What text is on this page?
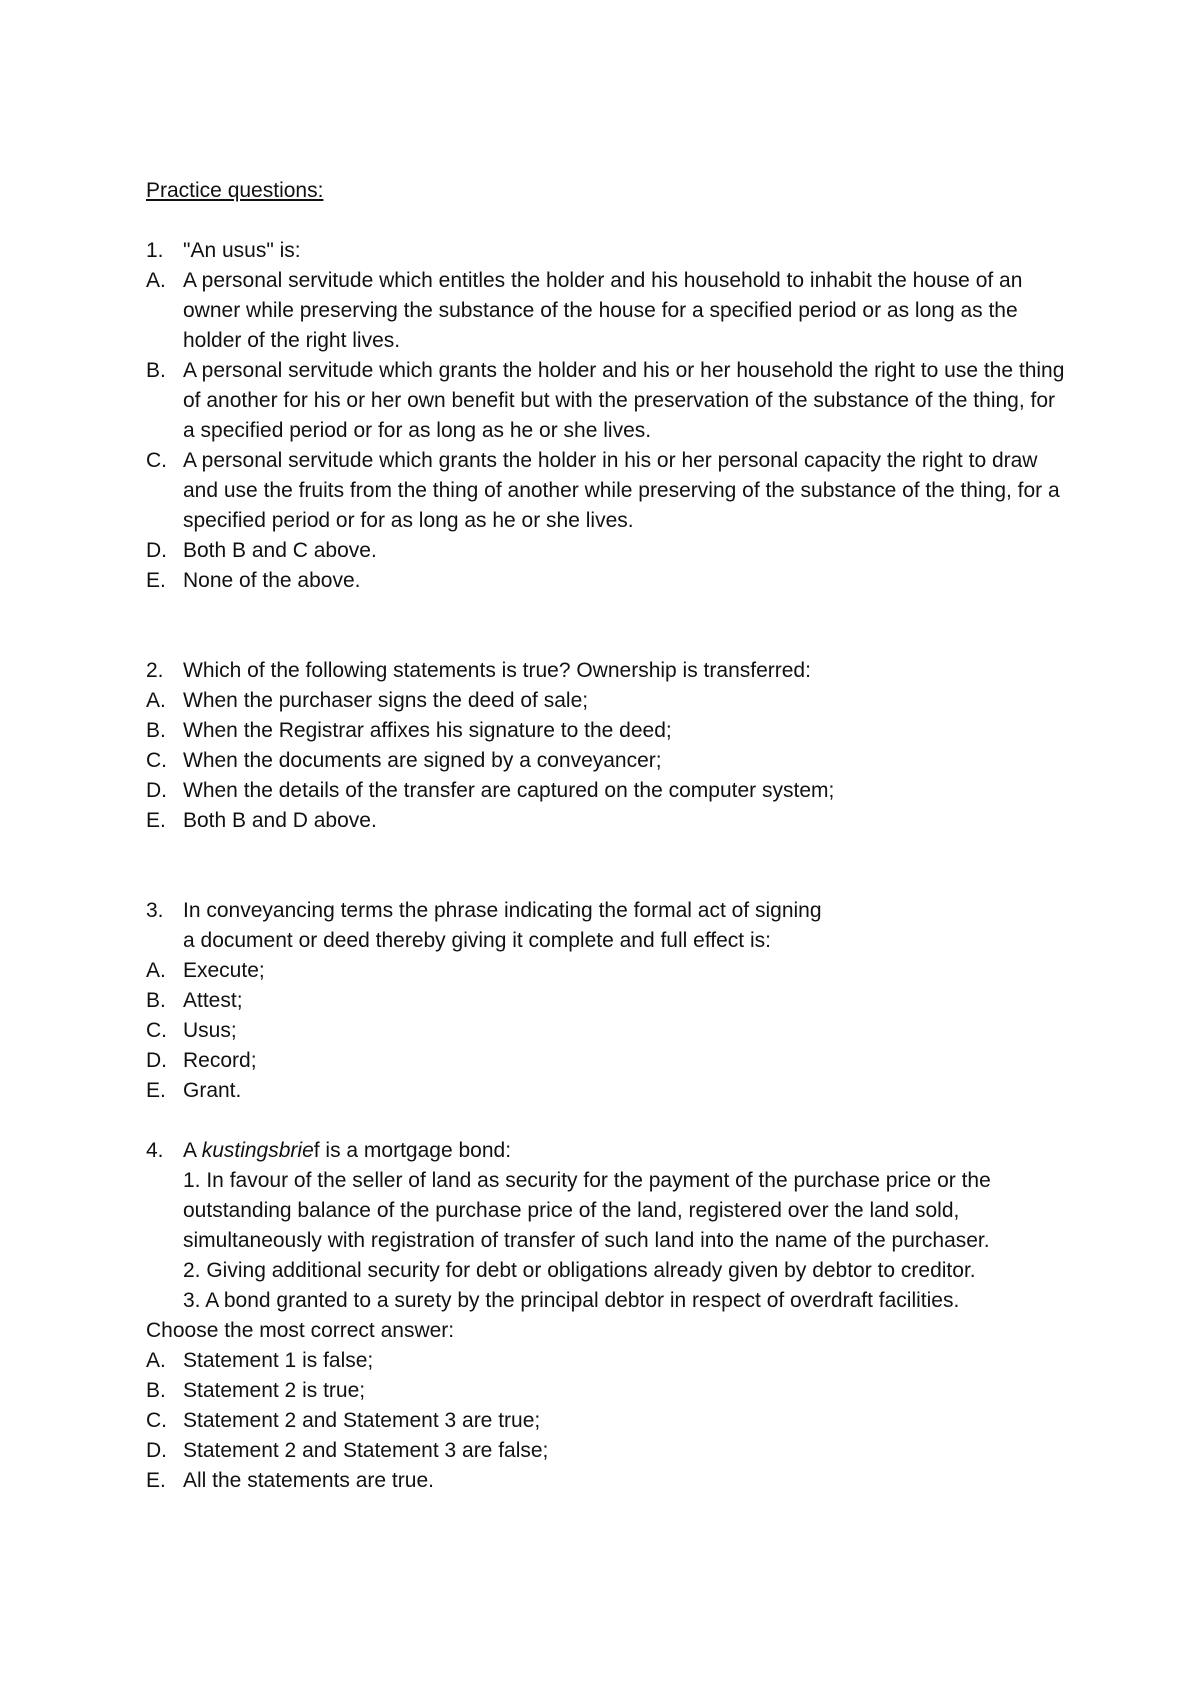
Practice questions:
1. "An usus" is:
A. A personal servitude which entitles the holder and his household to inhabit the house of an owner while preserving the substance of the house for a specified period or as long as the holder of the right lives.
B. A personal servitude which grants the holder and his or her household the right to use the thing of another for his or her own benefit but with the preservation of the substance of the thing, for a specified period or for as long as he or she lives.
C. A personal servitude which grants the holder in his or her personal capacity the right to draw and use the fruits from the thing of another while preserving of the substance of the thing, for a specified period or for as long as he or she lives.
D. Both B and C above.
E. None of the above.
2. Which of the following statements is true? Ownership is transferred:
A. When the purchaser signs the deed of sale;
B. When the Registrar affixes his signature to the deed;
C. When the documents are signed by a conveyancer;
D. When the details of the transfer are captured on the computer system;
E. Both B and D above.
3. In conveyancing terms the phrase indicating the formal act of signing
a document or deed thereby giving it complete and full effect is:
A. Execute;
B. Attest;
C. Usus;
D. Record;
E. Grant.
4. A kustingsbrief is a mortgage bond:
1. In favour of the seller of land as security for the payment of the purchase price or the outstanding balance of the purchase price of the land, registered over the land sold, simultaneously with registration of transfer of such land into the name of the purchaser.
2. Giving additional security for debt or obligations already given by debtor to creditor.
3. A bond granted to a surety by the principal debtor in respect of overdraft facilities.
Choose the most correct answer:
A. Statement 1 is false;
B. Statement 2 is true;
C. Statement 2 and Statement 3 are true;
D. Statement 2 and Statement 3 are false;
E. All the statements are true.
